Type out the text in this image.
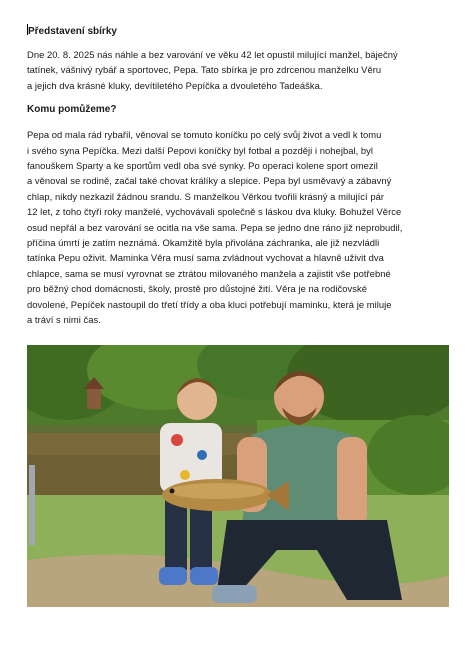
Představení sbírky

Dne 20. 8. 2025 nás náhle a bez varování ve věku 42 let opustil milující manžel, báječný
tatínek, vášnivý rybář a sportovec, Pepa. Tato sbírka je pro zdrcenou manželku Věru
a jejich dva krásné kluky, devítiletého Pepíčka a dvouletého Tadeáška.

Komu pomůžeme?

Pepa od mala rád rybařil, věnoval se tomuto koníčku po celý svůj život a vedl k tomu
i svého syna Pepíčka. Mezi další Pepovi koníčky byl fotbal a později i nohejbal, byl
fanouškem Sparty a ke sportům vedl oba své synky. Po operaci kolene sport omezil
a věnoval se rodině, začal také chovat králíky a slepice. Pepa byl usměvavý a zábavný
chlap, nikdy nezkazil žádnou srandu. S manželkou Věrkou tvořili krásný a milující pár
12 let, z toho čtyři roky manželé, vychovávali společně s láskou dva kluky. Bohužel Věrce
osud nepřál a bez varování se ocitla na vše sama. Pepa se jedno dne ráno již neprobudil,
příčina úmrtí je zatím neznámá. Okamžitě byla přivolána záchranka, ale již nezvládli
tatínka Pepu oživit. Maminka Věra musí sama zvládnout vychovat a hlavně uživit dva
chlapce, sama se musí vyrovnat se ztrátou milovaného manžela a zajistit vše potřebné
pro běžný chod domácnosti, školy, prostě pro důstojné žití. Věra je na rodičovské
dovolené, Pepíček nastoupil do třetí třídy a oba kluci potřebují maminku, která je miluje
a tráví s nimi čas.
